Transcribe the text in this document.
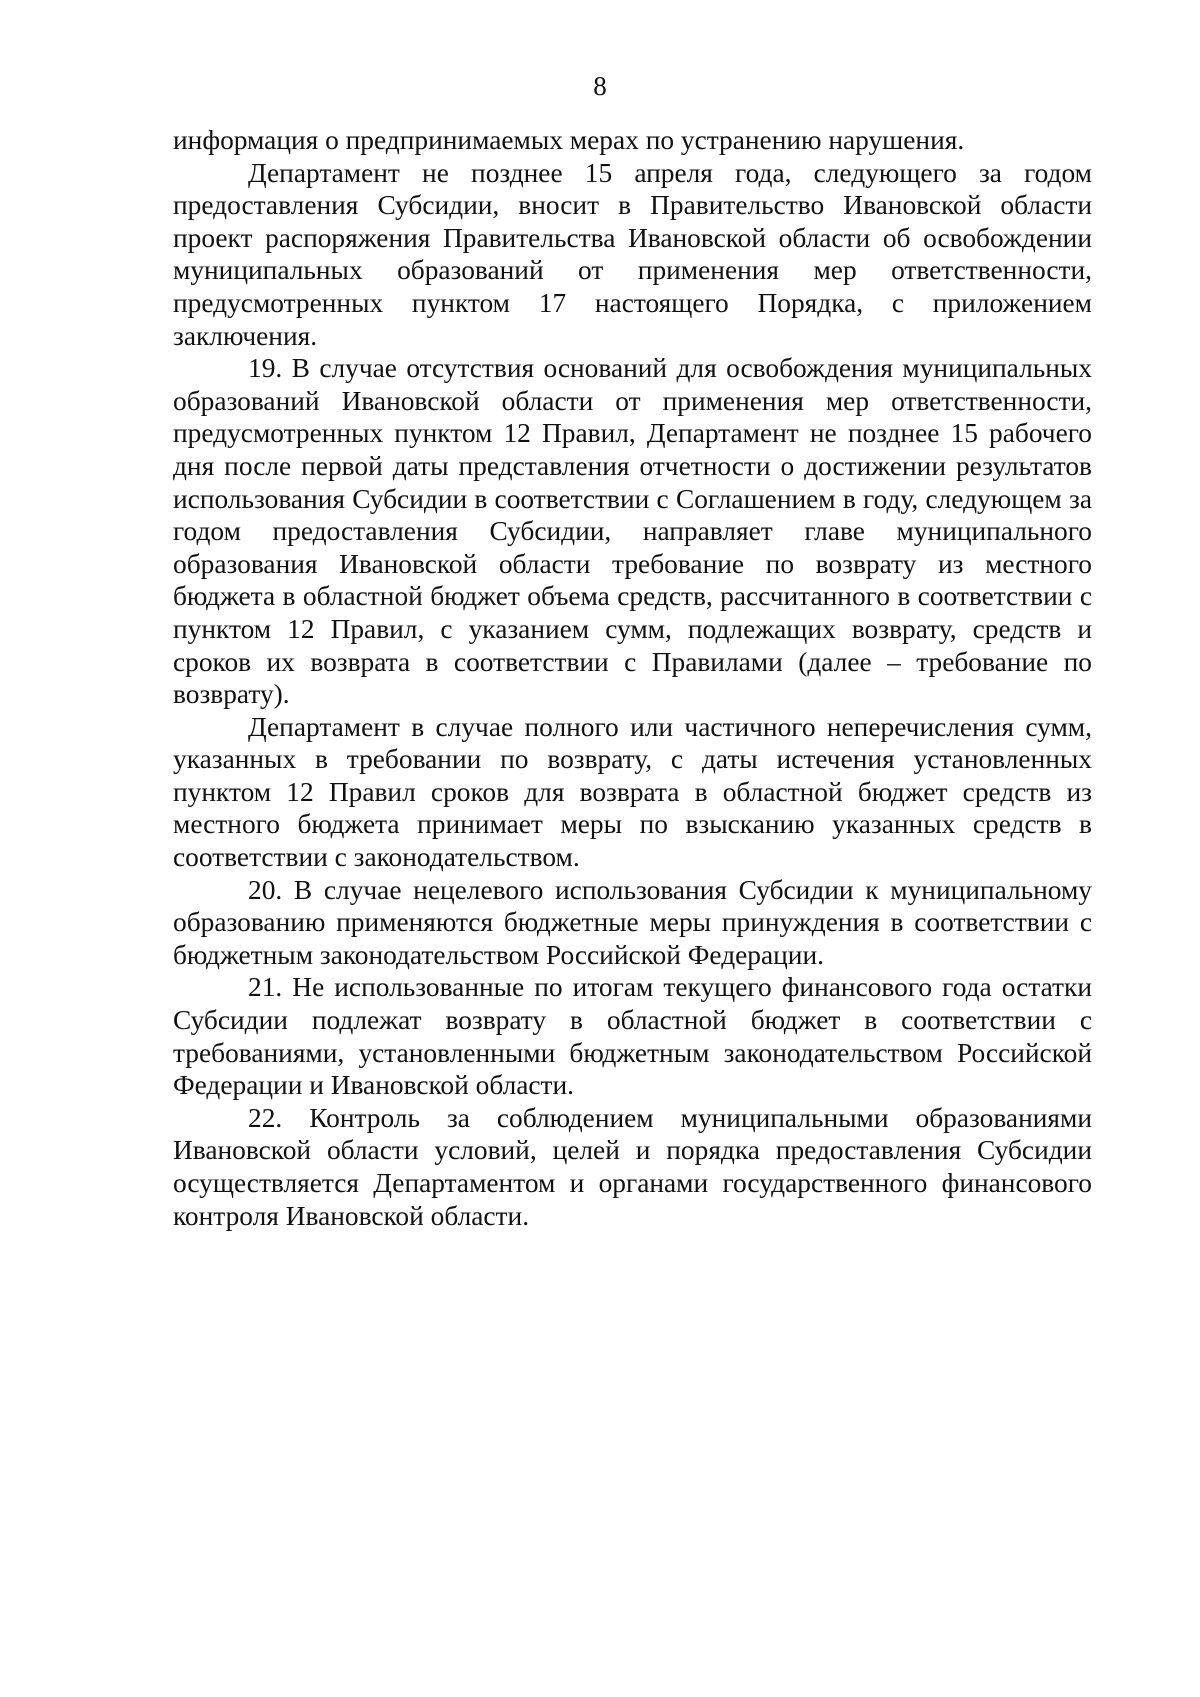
8

информация о предпринимаемых мерах по устранению нарушения.

Департамент не позднее 15 апреля года, следующего за годом предоставления Субсидии, вносит в Правительство Ивановской области проект распоряжения Правительства Ивановской области об освобождении муниципальных образований от применения мер ответственности, предусмотренных пунктом 17 настоящего Порядка, с приложением заключения.

19. В случае отсутствия оснований для освобождения муниципальных образований Ивановской области от применения мер ответственности, предусмотренных пунктом 12 Правил, Департамент не позднее 15 рабочего дня после первой даты представления отчетности о достижении результатов использования Субсидии в соответствии с Соглашением в году, следующем за годом предоставления Субсидии, направляет главе муниципального образования Ивановской области требование по возврату из местного бюджета в областной бюджет объема средств, рассчитанного в соответствии с пунктом 12 Правил, с указанием сумм, подлежащих возврату, средств и сроков их возврата в соответствии с Правилами (далее – требование по возврату).

Департамент в случае полного или частичного неперечисления сумм, указанных в требовании по возврату, с даты истечения установленных пунктом 12 Правил сроков для возврата в областной бюджет средств из местного бюджета принимает меры по взысканию указанных средств в соответствии с законодательством.

20. В случае нецелевого использования Субсидии к муниципальному образованию применяются бюджетные меры принуждения в соответствии с бюджетным законодательством Российской Федерации.

21. Не использованные по итогам текущего финансового года остатки Субсидии подлежат возврату в областной бюджет в соответствии с требованиями, установленными бюджетным законодательством Российской Федерации и Ивановской области.

22. Контроль за соблюдением муниципальными образованиями Ивановской области условий, целей и порядка предоставления Субсидии осуществляется Департаментом и органами государственного финансового контроля Ивановской области.
